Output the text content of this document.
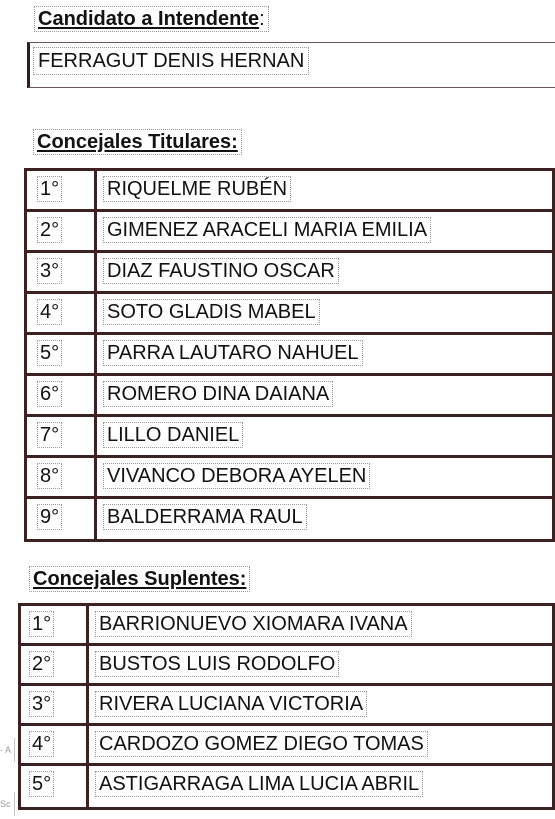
Candidato a Intendente:
FERRAGUT DENIS HERNAN
Concejales Titulares:
1° RIQUELME RUBÉN
2° GIMENEZ ARACELI MARIA EMILIA
3° DIAZ FAUSTINO OSCAR
4° SOTO GLADIS MABEL
5° PARRA LAUTARO NAHUEL
6° ROMERO DINA DAIANA
7° LILLO DANIEL
8° VIVANCO DEBORA AYELEN
9° BALDERRAMA RAUL
Concejales Suplentes:
1° BARRIONUEVO XIOMARA IVANA
2° BUSTOS LUIS RODOLFO
3° RIVERA LUCIANA VICTORIA
4° CARDOZO GOMEZ DIEGO TOMAS
5° ASTIGARRAGA LIMA LUCIA ABRIL
- A
Sc
